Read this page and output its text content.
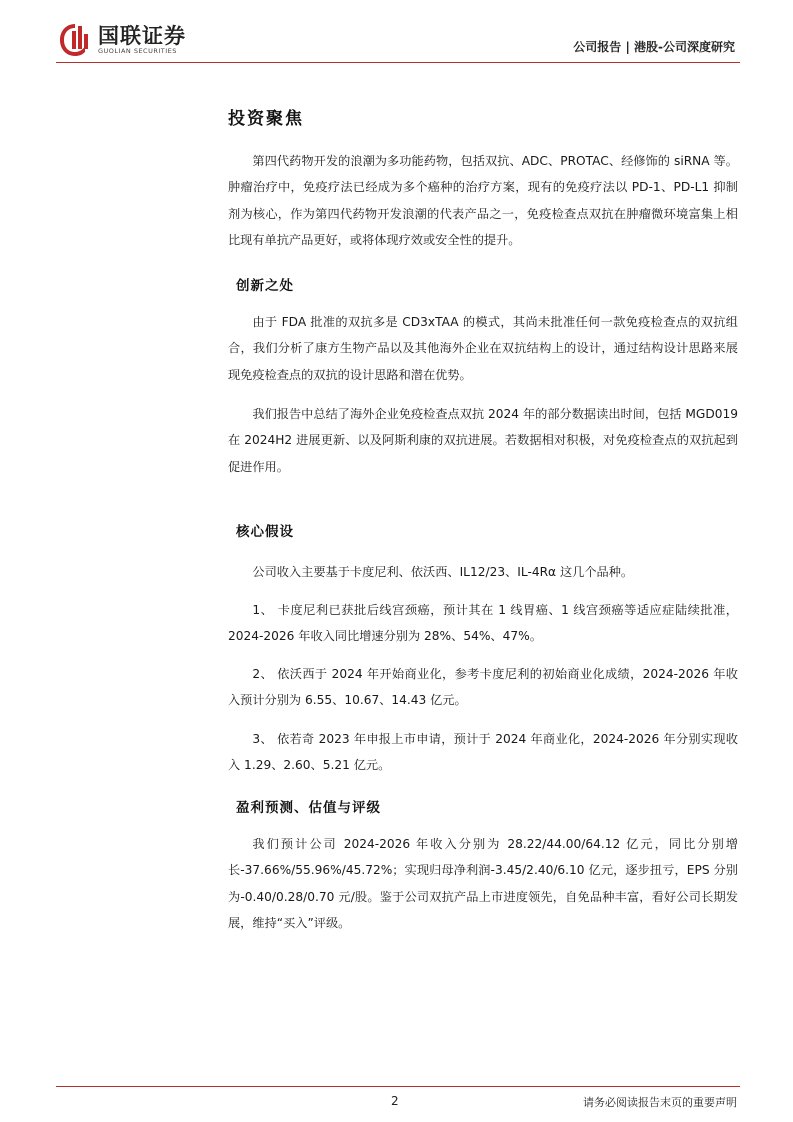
国联证券
GUOLIAN SECURITIES	公司报告 | 港股-公司深度研究
投资聚焦

第四代药物开发的浪潮为多功能药物，包括双抗、ADC、PROTAC、经修饰的 siRNA 等。肿瘤治疗中，免疫疗法已经成为多个癌种的治疗方案，现有的免疫疗法以 PD-1、PD-L1 抑制剂为核心，作为第四代药物开发浪潮的代表产品之一，免疫检查点双抗在肿瘤微环境富集上相比现有单抗产品更好，或将体现疗效或安全性的提升。

创新之处

由于 FDA 批准的双抗多是 CD3xTAA 的模式，其尚未批准任何一款免疫检查点的双抗组合，我们分析了康方生物产品以及其他海外企业在双抗结构上的设计，通过结构设计思路来展现免疫检查点的双抗的设计思路和潜在优势。

我们报告中总结了海外企业免疫检查点双抗 2024 年的部分数据读出时间，包括 MGD019 在 2024H2 进展更新、以及阿斯利康的双抗进展。若数据相对积极，对免疫检查点的双抗起到促进作用。

核心假设

公司收入主要基于卡度尼利、依沃西、IL12/23、IL-4Rα 这几个品种。

1、 卡度尼利已获批后线宫颈癌，预计其在 1 线胃癌、1 线宫颈癌等适应症陆续批准，2024-2026 年收入同比增速分别为 28%、54%、47%。

2、 依沃西于 2024 年开始商业化，参考卡度尼利的初始商业化成绩，2024-2026 年收入预计分别为 6.55、10.67、14.43 亿元。

3、 依若奇 2023 年申报上市申请，预计于 2024 年商业化，2024-2026 年分别实现收入 1.29、2.60、5.21 亿元。

盈利预测、估值与评级

我们预计公司 2024-2026 年收入分别为 28.22/44.00/64.12 亿元，同比分别增长-37.66%/55.96%/45.72%；实现归母净利润-3.45/2.40/6.10 亿元，逐步扭亏，EPS 分别为-0.40/0.28/0.70 元/股。鉴于公司双抗产品上市进度领先，自免品种丰富，看好公司长期发展，维持“买入”评级。

2	请务必阅读报告末页的重要声明
